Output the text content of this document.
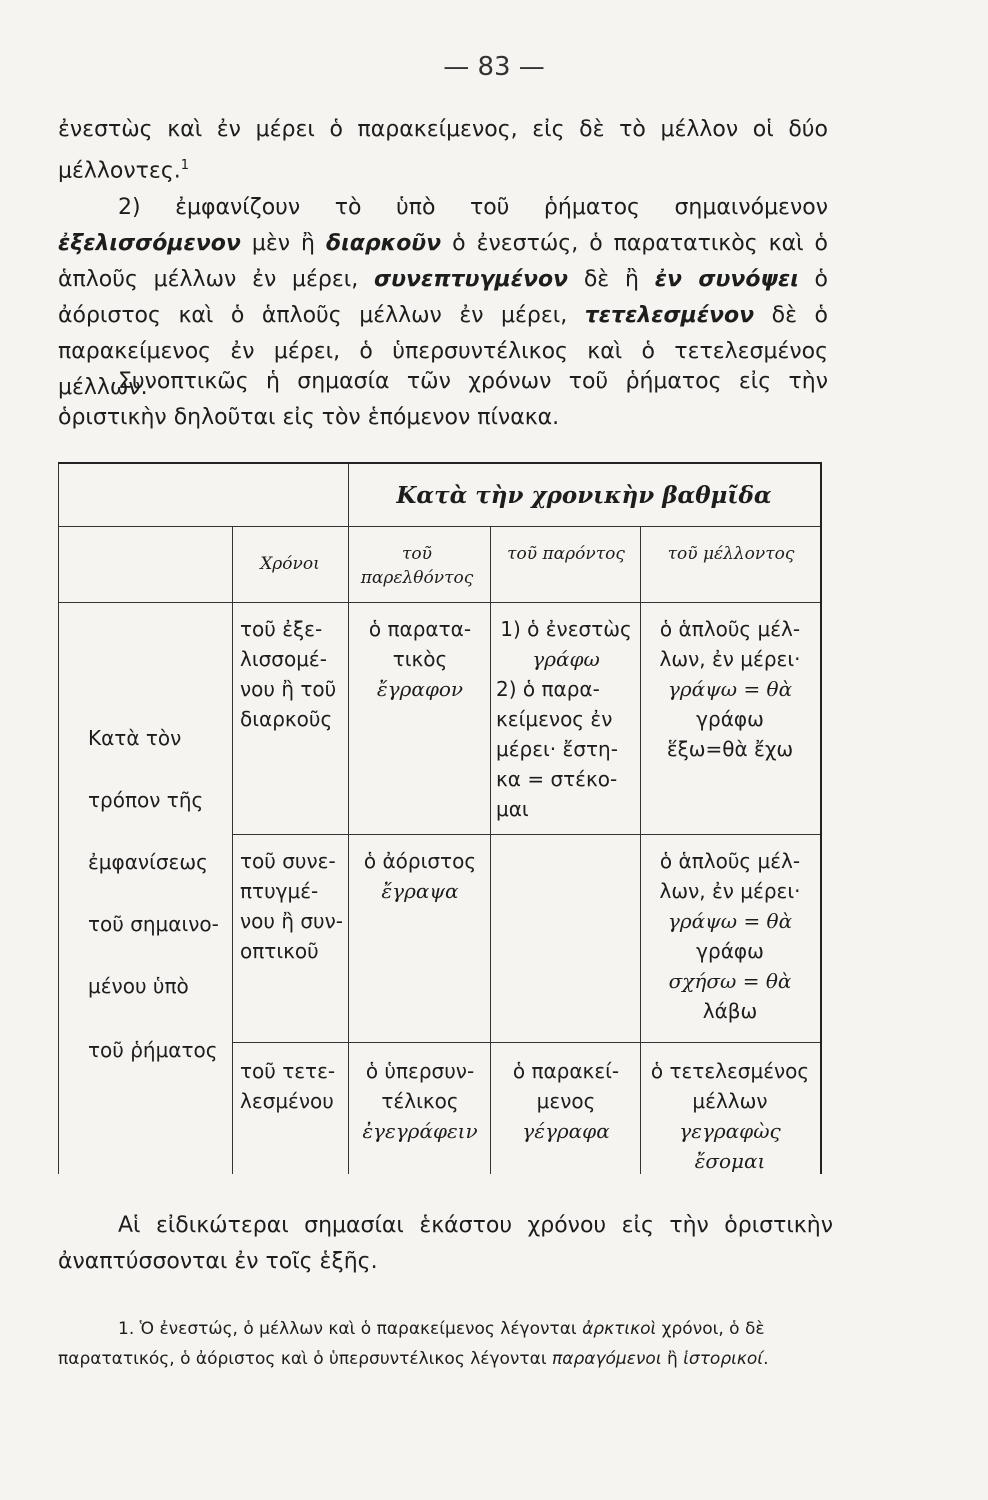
— 83 —

ἐνεστὼς καὶ ἐν μέρει ὁ παρακείμενος, εἰς δὲ τὸ μέλλον οἱ δύο μέλλοντες.$^1$

2) ἐμφανίζουν τὸ ὑπὸ τοῦ ῥήματος σημαινόμενον ἐξελισσόμενον μὲν ἢ διαρκοῦν ὁ ἐνεστώς, ὁ παρατατικὸς καὶ ὁ ἁπλοῦς μέλλων ἐν μέρει, συνεπτυγμένον δὲ ἢ ἐν συνόψει ὁ ἀόριστος καὶ ὁ ἁπλοῦς μέλλων ἐν μέρει, τετελεσμένον δὲ ὁ παρακείμενος ἐν μέρει, ὁ ὑπερσυντέλικος καὶ ὁ τετελεσμένος μέλλων.

Συνοπτικῶς ἡ σημασία τῶν χρόνων τοῦ ῥήματος εἰς τὴν ὁριστικὴν δηλοῦται εἰς τὸν ἑπόμενον πίνακα.

Κατὰ τὴν χρονικὴν βαθμῖδα
Χρόνοι	τοῦ παρελθόντος
τοῦ παρόντος	τοῦ μέλλοντος
Κατὰ τὸν
τρόπον τῆς
ἐμφανίσεως
τοῦ σημαινο-
μένου ὑπὸ
τοῦ ῥήματος
τοῦ ἐξε-
λισσομέ-
νου ἢ τοῦ
διαρκοῦς
ὁ παρατα-
τικὸς
ἔγραφον
1) ὁ ἐνεστὼς
γράφω
2) ὁ παρα-
κείμενος ἐν
μέρει· ἔστη-
κα = στέκο-
μαι
ὁ ἁπλοῦς μέλ-
λων, ἐν μέρει·
γράψω = θὰ
γράφω
ἕξω=θὰ ἔχω
τοῦ συνε-
πτυγμέ-
νου ἢ συν-
οπτικοῦ
ὁ ἀόριστος
ἔγραψα
ὁ ἁπλοῦς μέλ-
λων, ἐν μέρει·
γράψω = θὰ
γράφω
σχήσω = θὰ
λάβω
τοῦ τετε-
λεσμένου
ὁ ὑπερσυν-
τέλικος
ἐγεγράφειν
ὁ παρακεί-
μενος
γέγραφα
ὁ τετελεσμένος
μέλλων
γεγραφὼς
ἔσομαι

Αἱ εἰδικώτεραι σημασίαι ἑκάστου χρόνου εἰς τὴν ὁριστικὴν ἀναπτύσσονται ἐν τοῖς ἑξῆς.

1. Ὁ ἐνεστώς, ὁ μέλλων καὶ ὁ παρακείμενος λέγονται ἀρκτικοὶ χρόνοι, ὁ δὲ παρατατικός, ὁ ἀόριστος καὶ ὁ ὑπερσυντέλικος λέγονται παραγόμενοι ἢ ἱστορικοί.
